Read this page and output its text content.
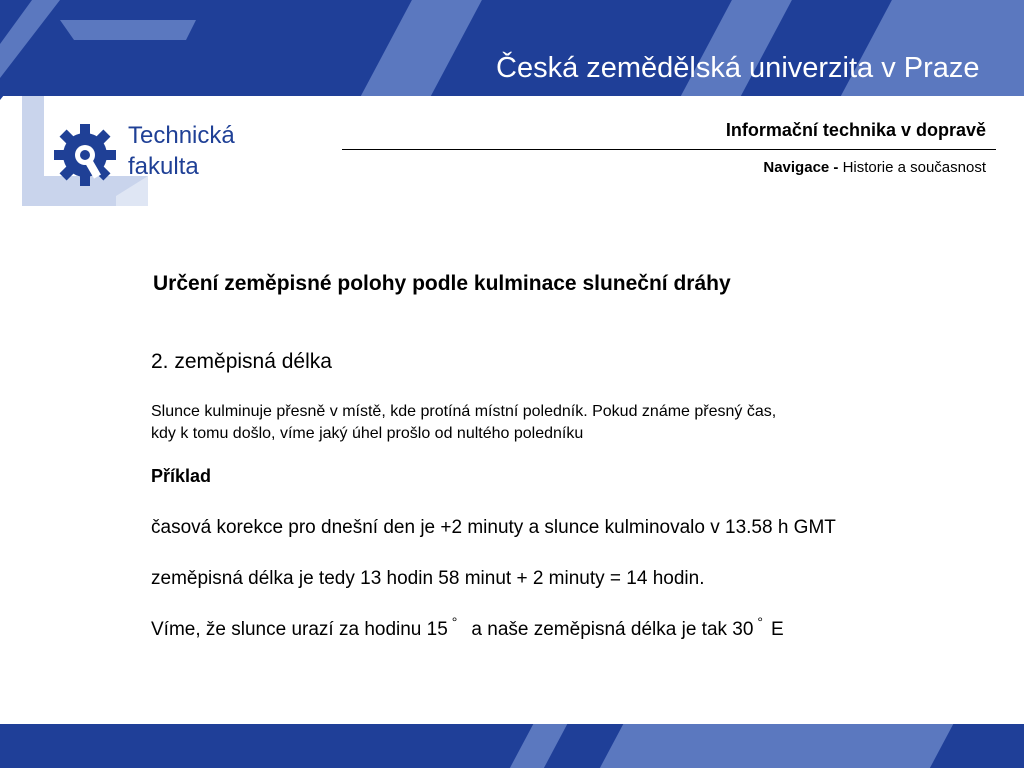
Česká zemědělská univerzita v Praze
Technická
fakulta
Informační technika v dopravě
Navigace - Historie a současnost
Určení zeměpisné polohy podle kulminace sluneční dráhy
2. zeměpisná délka
Slunce kulminuje přesně v místě, kde protíná místní poledník. Pokud známe přesný čas,
kdy k tomu došlo, víme jaký úhel prošlo od nultého poledníku
Příklad
časová korekce pro dnešní den je +2 minuty a slunce kulminovalo v 13.58 h GMT
zeměpisná délka je tedy 13 hodin 58 minut + 2 minuty = 14 hodin.
Víme, že slunce urazí za hodinu 15 ° a naše zeměpisná délka je tak 30 ° E
